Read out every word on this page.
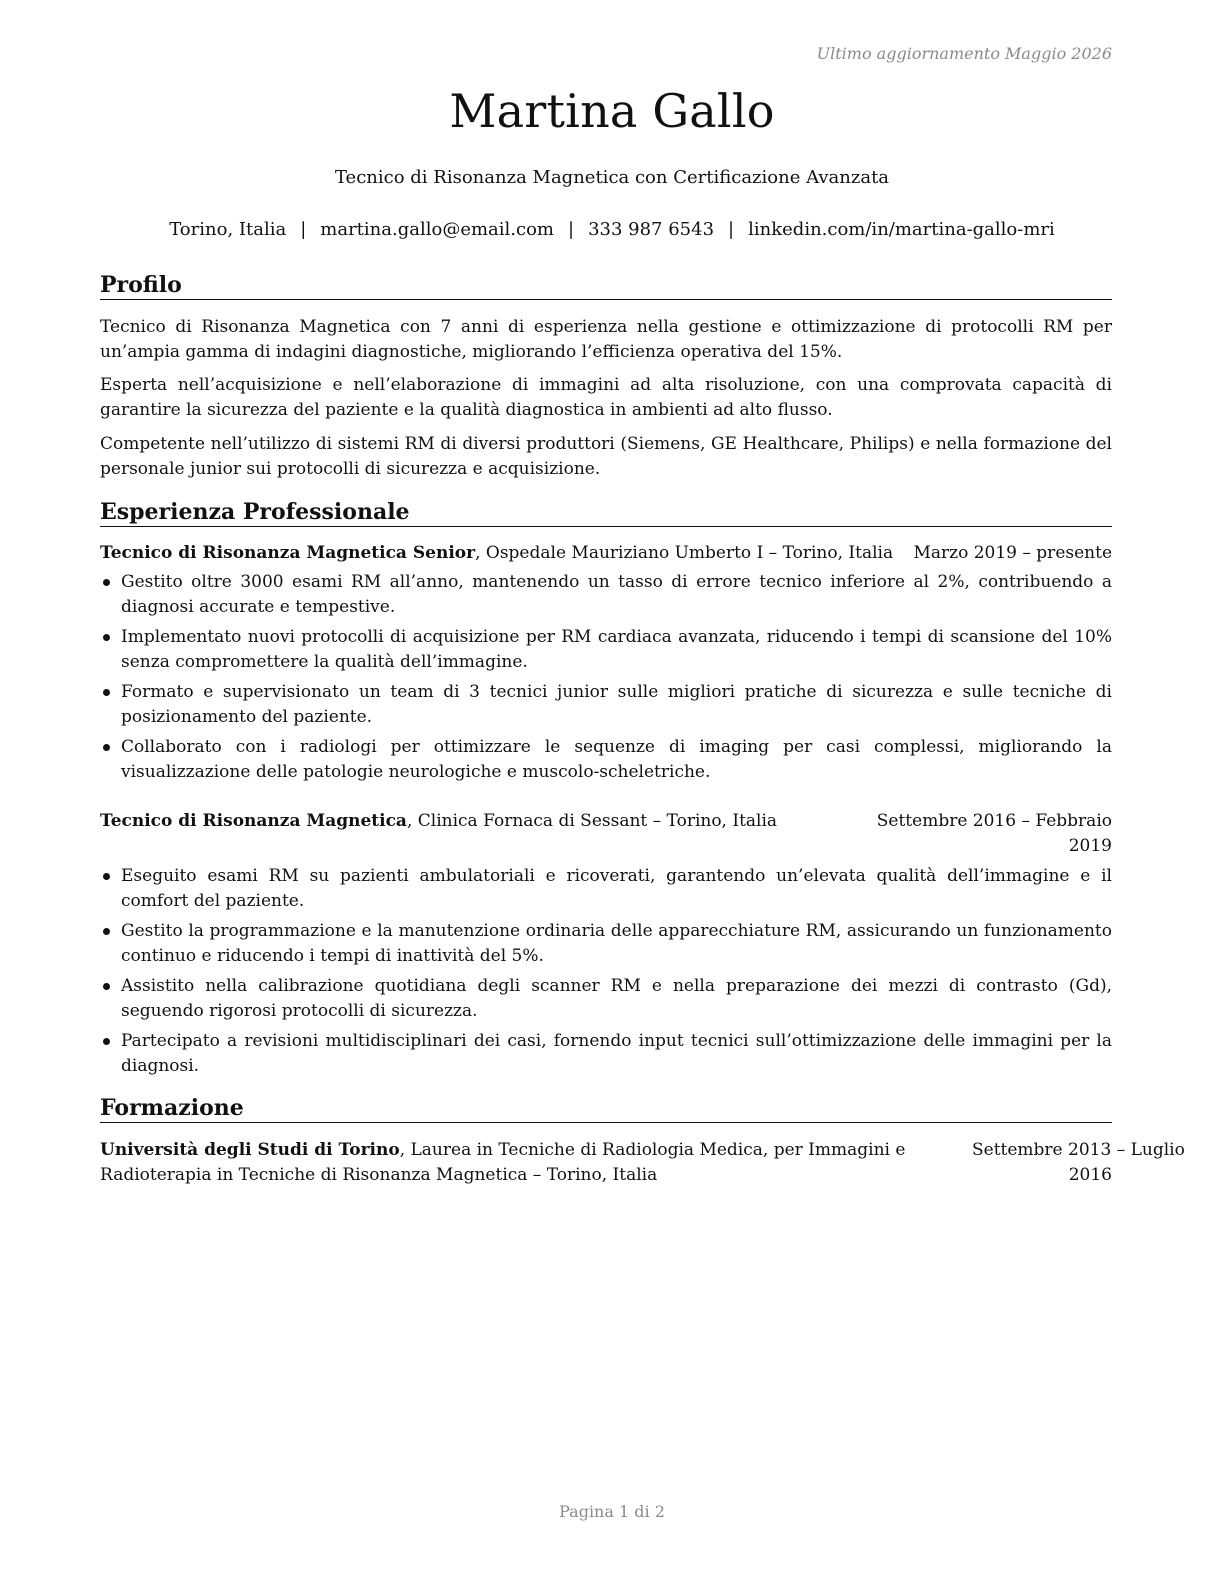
Ultimo aggiornamento Maggio 2026
Martina Gallo
Tecnico di Risonanza Magnetica con Certificazione Avanzata
Torino, Italia | martina.gallo@email.com | 333 987 6543 | linkedin.com/in/martina-gallo-mri
Profilo
Tecnico di Risonanza Magnetica con 7 anni di esperienza nella gestione e ottimizzazione di protocolli RM per un’ampia gamma di indagini diagnostiche, migliorando l’efficienza operativa del 15%.
Esperta nell’acquisizione e nell’elaborazione di immagini ad alta risoluzione, con una comprovata capacità di garantire la sicurezza del paziente e la qualità diagnostica in ambienti ad alto flusso.
Competente nell’utilizzo di sistemi RM di diversi produttori (Siemens, GE Healthcare, Philips) e nella formazione del personale junior sui protocolli di sicurezza e acquisizione.
Esperienza Professionale
Tecnico di Risonanza Magnetica Senior, Ospedale Mauriziano Umberto I – Torino, Italia Marzo 2019 – presente
Gestito oltre 3000 esami RM all’anno, mantenendo un tasso di errore tecnico inferiore al 2%, contribuendo a diagnosi accurate e tempestive.
Implementato nuovi protocolli di acquisizione per RM cardiaca avanzata, riducendo i tempi di scansione del 10% senza compromettere la qualità dell’immagine.
Formato e supervisionato un team di 3 tecnici junior sulle migliori pratiche di sicurezza e sulle tecniche di posizionamento del paziente.
Collaborato con i radiologi per ottimizzare le sequenze di imaging per casi complessi, migliorando la visualizzazione delle patologie neurologiche e muscolo-scheletriche.
Tecnico di Risonanza Magnetica, Clinica Fornaca di Sessant – Torino, Italia	Settembre 2016 – Febbraio
2019
Eseguito esami RM su pazienti ambulatoriali e ricoverati, garantendo un’elevata qualità dell’immagine e il comfort del paziente.
Gestito la programmazione e la manutenzione ordinaria delle apparecchiature RM, assicurando un funzionamento continuo e riducendo i tempi di inattività del 5%.
Assistito nella calibrazione quotidiana degli scanner RM e nella preparazione dei mezzi di contrasto (Gd), seguendo rigorosi protocolli di sicurezza.
Partecipato a revisioni multidisciplinari dei casi, fornendo input tecnici sull’ottimizzazione delle immagini per la diagnosi.
Formazione
Università degli Studi di Torino, Laurea in Tecniche di Radiologia Medica, per Immagini e Radioterapia in Tecniche di Risonanza Magnetica – Torino, Italia
Settembre 2013 – Luglio
2016
Pagina 1 di 2
